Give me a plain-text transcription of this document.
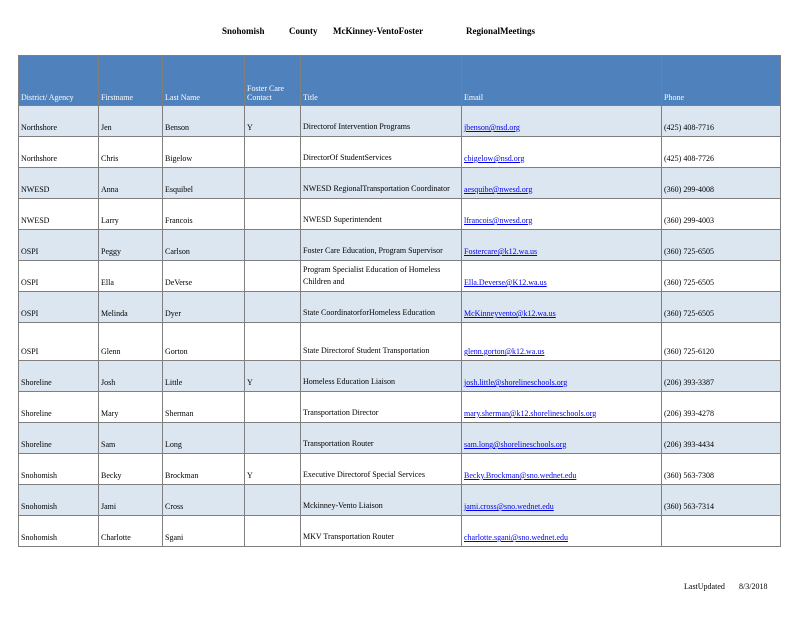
Snohomish	County McKinney-VentoFoster	RegionalMeetings
District/ Agency	Firstname	Last Name	Foster Care Contact	Title	Email	Phone
Northshore	Jen	Benson	Y	Directorof Intervention Programs	jbenson@nsd.org	(425) 408-7716
Northshore	Chris	Bigelow		DirectorOf StudentServices	cbigelow@nsd.org	(425) 408-7726
NWESD	Anna	Esquibel		NWESD RegionalTransportation Coordinator	aesquibe@nwesd.org	(360) 299-4008
NWESD	Larry	Francois		NWESD Superintendent	lfrancois@nwesd.org	(360) 299-4003
OSPI	Peggy	Carlson		Foster Care Education, Program Supervisor	Fostercare@k12.wa.us	(360) 725-6505
OSPI	Ella	DeVerse		Program Specialist Education of Homeless Children and	Ella.Deverse@K12.wa.us	(360) 725-6505
OSPI	Melinda	Dyer		State CoordinatorforHomeless Education	McKinneyvento@k12.wa.us	(360) 725-6505
OSPI	Glenn	Gorton		State Directorof Student Transportation	glenn.gorton@k12.wa.us	(360) 725-6120
Shoreline	Josh	Little	Y	Homeless Education Liaison	josh.little@shorelineschools.org	(206) 393-3387
Shoreline	Mary	Sherman		Transportation Director	mary.sherman@k12.shorelineschools.org	(206) 393-4278
Shoreline	Sam	Long		Transportation Router	sam.long@shorelineschools.org	(206) 393-4434
Snohomish	Becky	Brockman	Y	Executive Directorof Special Services	Becky.Brockman@sno.wednet.edu	(360) 563-7308
Snohomish	Jami	Cross		Mckinney-Vento Liaison	jami.cross@sno.wednet.edu	(360) 563-7314
Snohomish	Charlotte	Sgani		MKV Transportation Router	charlotte.sgani@sno.wednet.edu	
LastUpdated 8/3/2018
